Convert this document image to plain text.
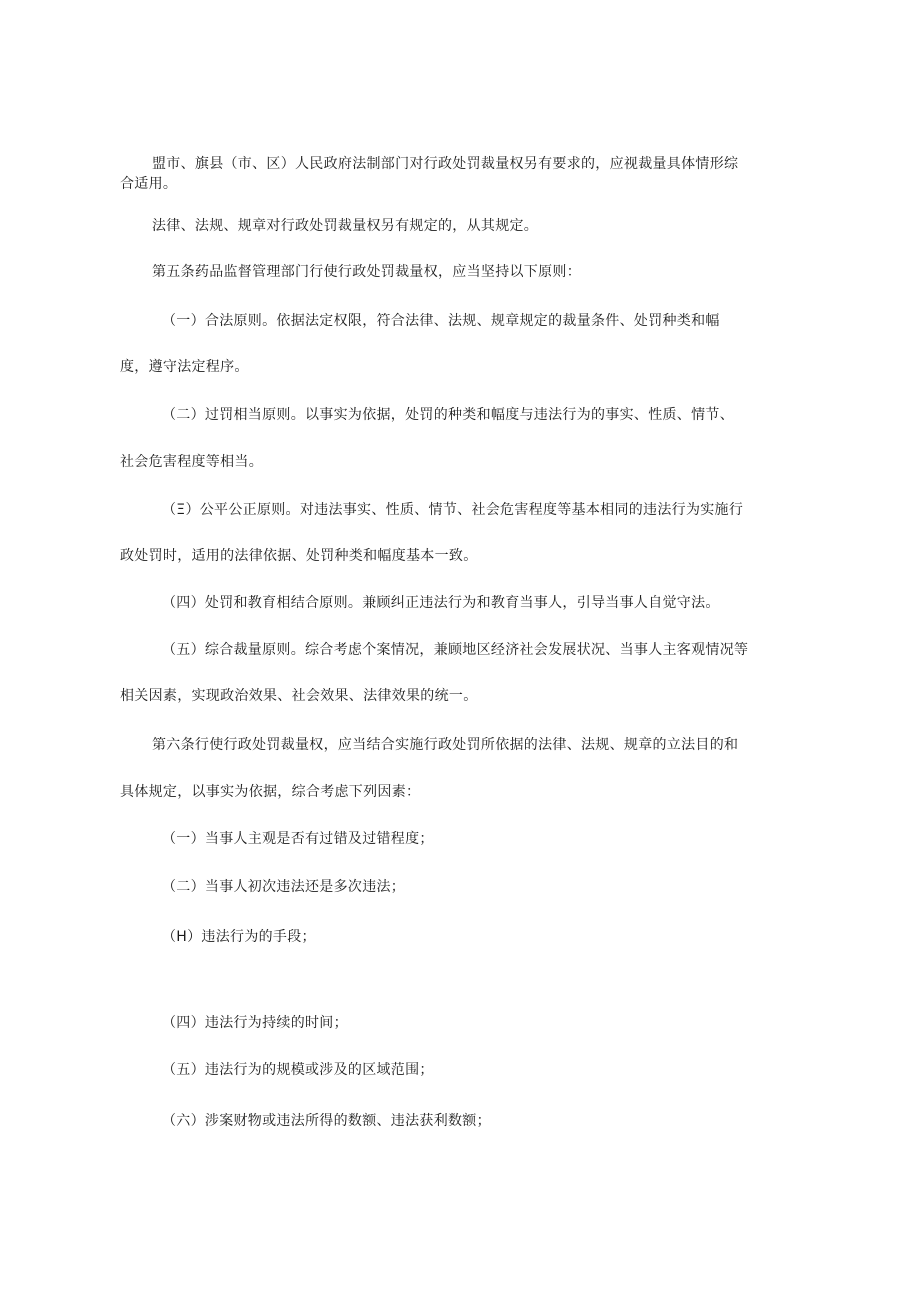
盟市、旗县（市、区）人民政府法制部门对行政处罚裁量权另有要求的，应视裁量具体情形综

合适用。

法律、法规、规章对行政处罚裁量权另有规定的，从其规定。

第五条药品监督管理部门行使行政处罚裁量权，应当坚持以下原则：

（一）合法原则。依据法定权限，符合法律、法规、规章规定的裁量条件、处罚种类和幅

度，遵守法定程序。

（二）过罚相当原则。以事实为依据，处罚的种类和幅度与违法行为的事实、性质、情节、

社会危害程度等相当。

（Ξ）公平公正原则。对违法事实、性质、情节、社会危害程度等基本相同的违法行为实施行

政处罚时，适用的法律依据、处罚种类和幅度基本一致。

（四）处罚和教育相结合原则。兼顾纠正违法行为和教育当事人，引导当事人自觉守法。

（五）综合裁量原则。综合考虑个案情况，兼顾地区经济社会发展状况、当事人主客观情况等

相关因素，实现政治效果、社会效果、法律效果的统一。

第六条行使行政处罚裁量权，应当结合实施行政处罚所依据的法律、法规、规章的立法目的和

具体规定，以事实为依据，综合考虑下列因素：

（一）当事人主观是否有过错及过错程度；

（二）当事人初次违法还是多次违法；

（H）违法行为的手段；

（四）违法行为持续的时间；

（五）违法行为的规模或涉及的区域范围；

（六）涉案财物或违法所得的数额、违法获利数额；
